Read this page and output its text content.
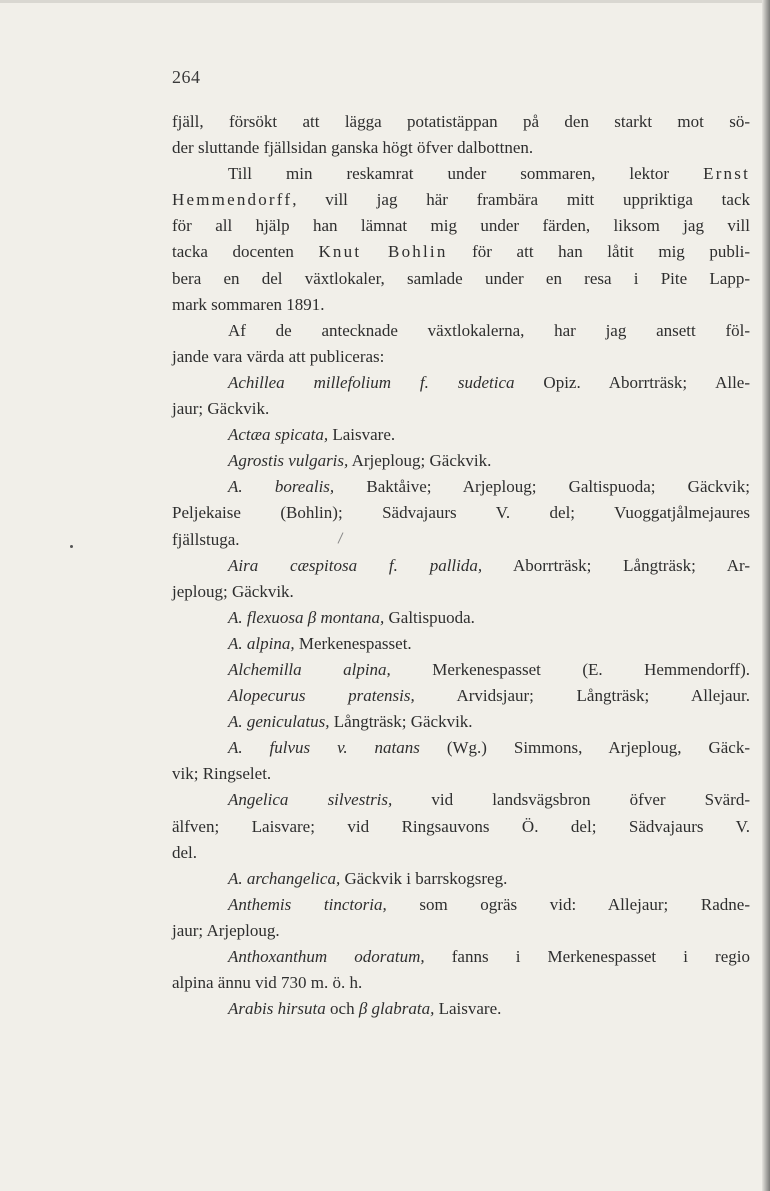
264
fjäll, försökt att lägga potatistäppan på den starkt mot sö-
der sluttande fjällsidan ganska högt öfver dalbottnen.
Till min reskamrat under sommaren, lektor Ernst
Hemmendorff, vill jag här frambära mitt uppriktiga tack
för all hjälp han lämnat mig under färden, liksom jag vill
tacka docenten Knut Bohlin för att han låtit mig publi-
bera en del växtlokaler, samlade under en resa i Pite Lapp-
mark sommaren 1891.
Af de antecknade växtlokalerna, har jag ansett föl-
jande vara värda att publiceras:
Achillea millefolium f. sudetica Opiz. Aborrträsk; Alle-
jaur; Gäckvik.
Actæa spicata, Laisvare.
Agrostis vulgaris, Arjeploug; Gäckvik.
A. borealis, Baktåive; Arjeploug; Galtispuoda; Gäckvik;
Peljekaise (Bohlin); Sädvajaurs V. del; Vuoggatjålmejaures
fjällstuga.
Aira cæspitosa f. pallida, Aborrträsk; Långträsk; Ar-
jeploug; Gäckvik.
A. flexuosa β montana, Galtispuoda.
A. alpina, Merkenespasset.
Alchemilla alpina, Merkenespasset (E. Hemmendorff).
Alopecurus pratensis, Arvidsjaur; Långträsk; Allejaur.
A. geniculatus, Långträsk; Gäckvik.
A. fulvus v. natans (Wg.) Simmons, Arjeploug, Gäck-
vik; Ringselet.
Angelica silvestris, vid landsvägsbron öfver Svärd-
älfven; Laisvare; vid Ringsauvons Ö. del; Sädvajaurs V.
del.
A. archangelica, Gäckvik i barrskogsreg.
Anthemis tinctoria, som ogräs vid: Allejaur; Radne-
jaur; Arjeploug.
Anthoxanthum odoratum, fanns i Merkenespasset i regio
alpina ännu vid 730 m. ö. h.
Arabis hirsuta och β glabrata, Laisvare.
